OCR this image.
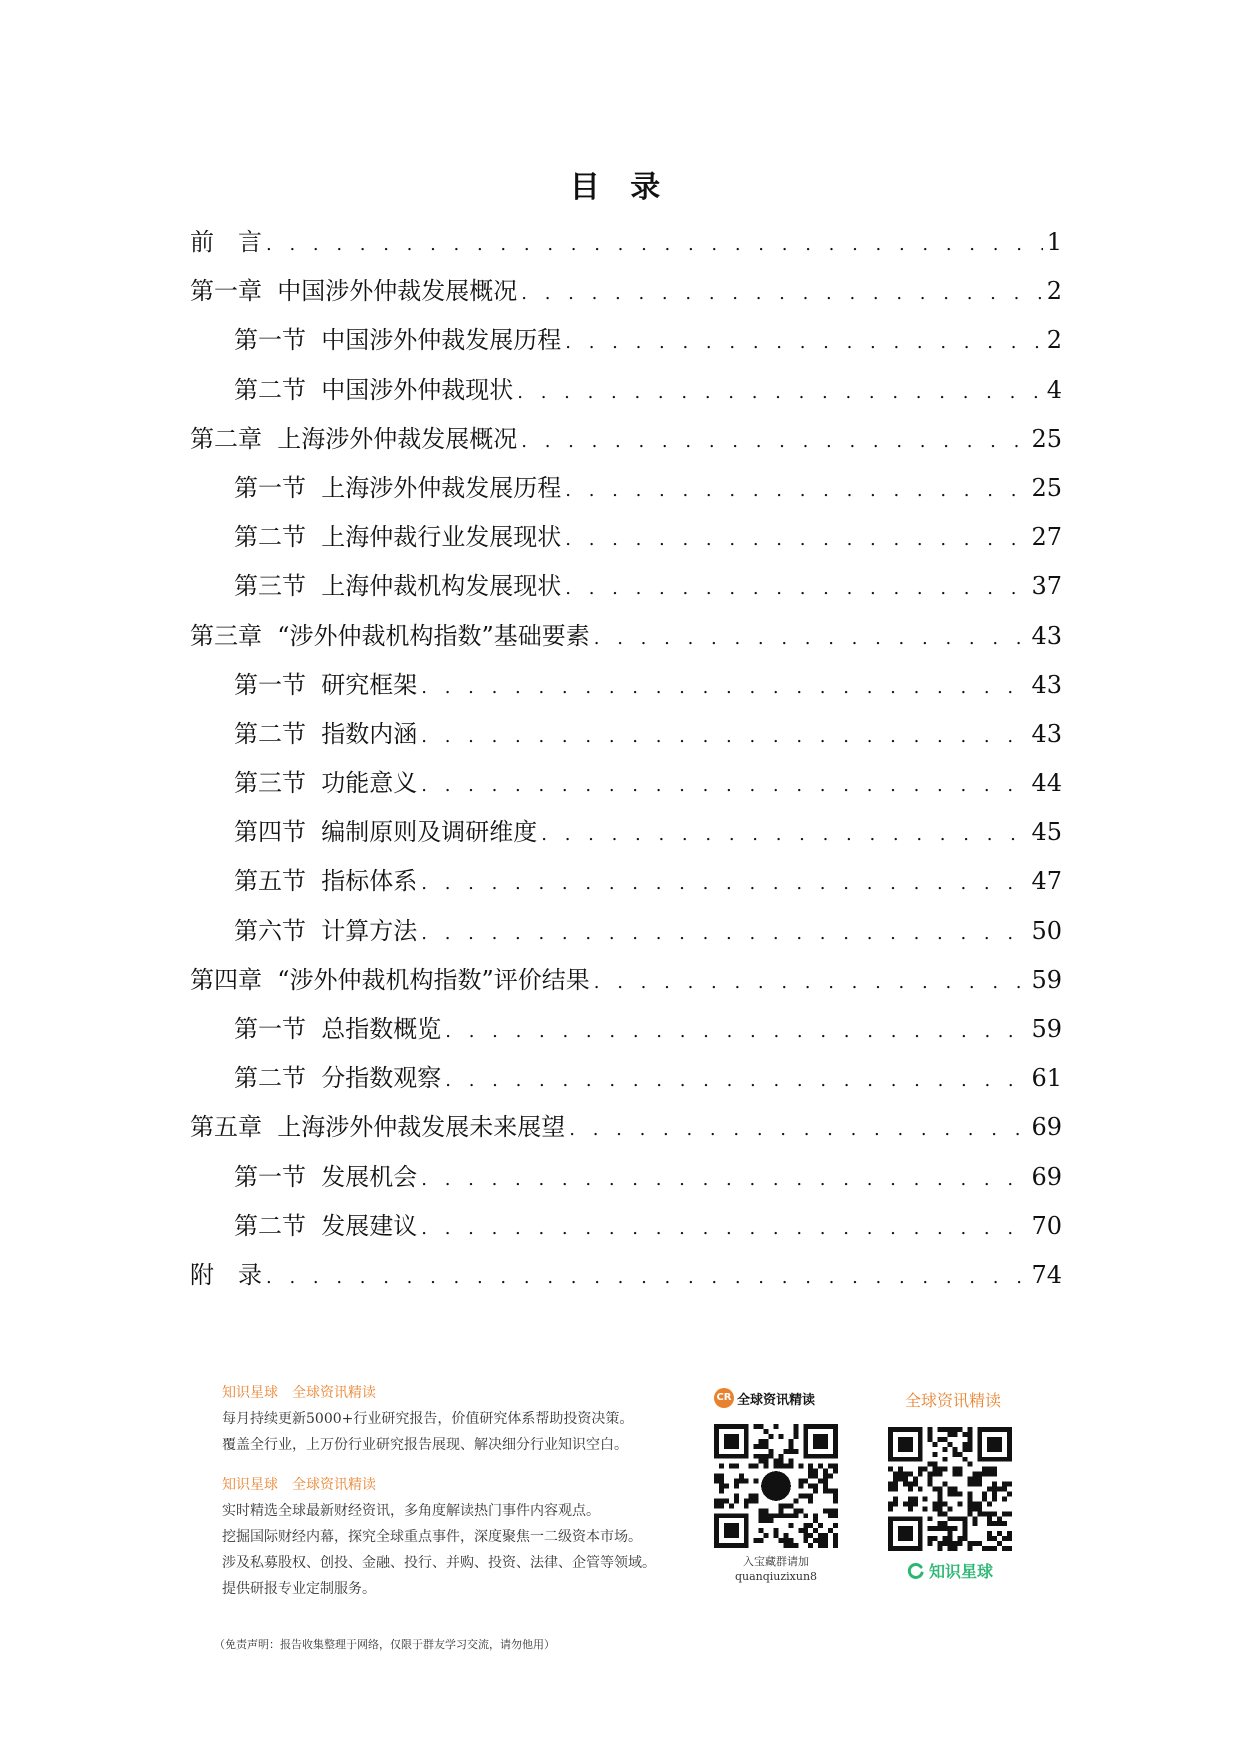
目 录
前　言 . . .	1
第一章  中国涉外仲裁发展概况 . . .	2
第一节  中国涉外仲裁发展历程 . . .	2
第二节  中国涉外仲裁现状 . . .	4
第二章  上海涉外仲裁发展概况 . . .	25
第一节  上海涉外仲裁发展历程 . . .	25
第二节  上海仲裁行业发展现状 . . .	27
第三节  上海仲裁机构发展现状 . . .	37
第三章  “涉外仲裁机构指数”基础要素 . . .	43
第一节  研究框架 . . .	43
第二节  指数内涵 . . .	43
第三节  功能意义 . . .	44
第四节  编制原则及调研维度 . . .	45
第五节  指标体系 . . .	47
第六节  计算方法 . . .	50
第四章  “涉外仲裁机构指数”评价结果 . . .	59
第一节  总指数概览 . . .	59
第二节  分指数观察 . . .	61
第五章  上海涉外仲裁发展未来展望 . . .	69
第一节  发展机会 . . .	69
第二节  发展建议 . . .	70
附　录 . . .	74
知识星球　全球资讯精读
每月持续更新5000+行业研究报告，价值研究体系帮助投资决策。
覆盖全行业，上万份行业研究报告展现、解决细分行业知识空白。
知识星球　全球资讯精读
实时精选全球最新财经资讯，多角度解读热门事件内容观点。
挖掘国际财经内幕，探究全球重点事件，深度聚焦一二级资本市场。
涉及私募股权、创投、金融、投行、并购、投资、法律、企管等领域。
提供研报专业定制服务。
CR 全球资讯精读
入宝藏群请加
quanqiuzixun8
全球资讯精读
知识星球
（免责声明：报告收集整理于网络，仅限于群友学习交流，请勿他用）
